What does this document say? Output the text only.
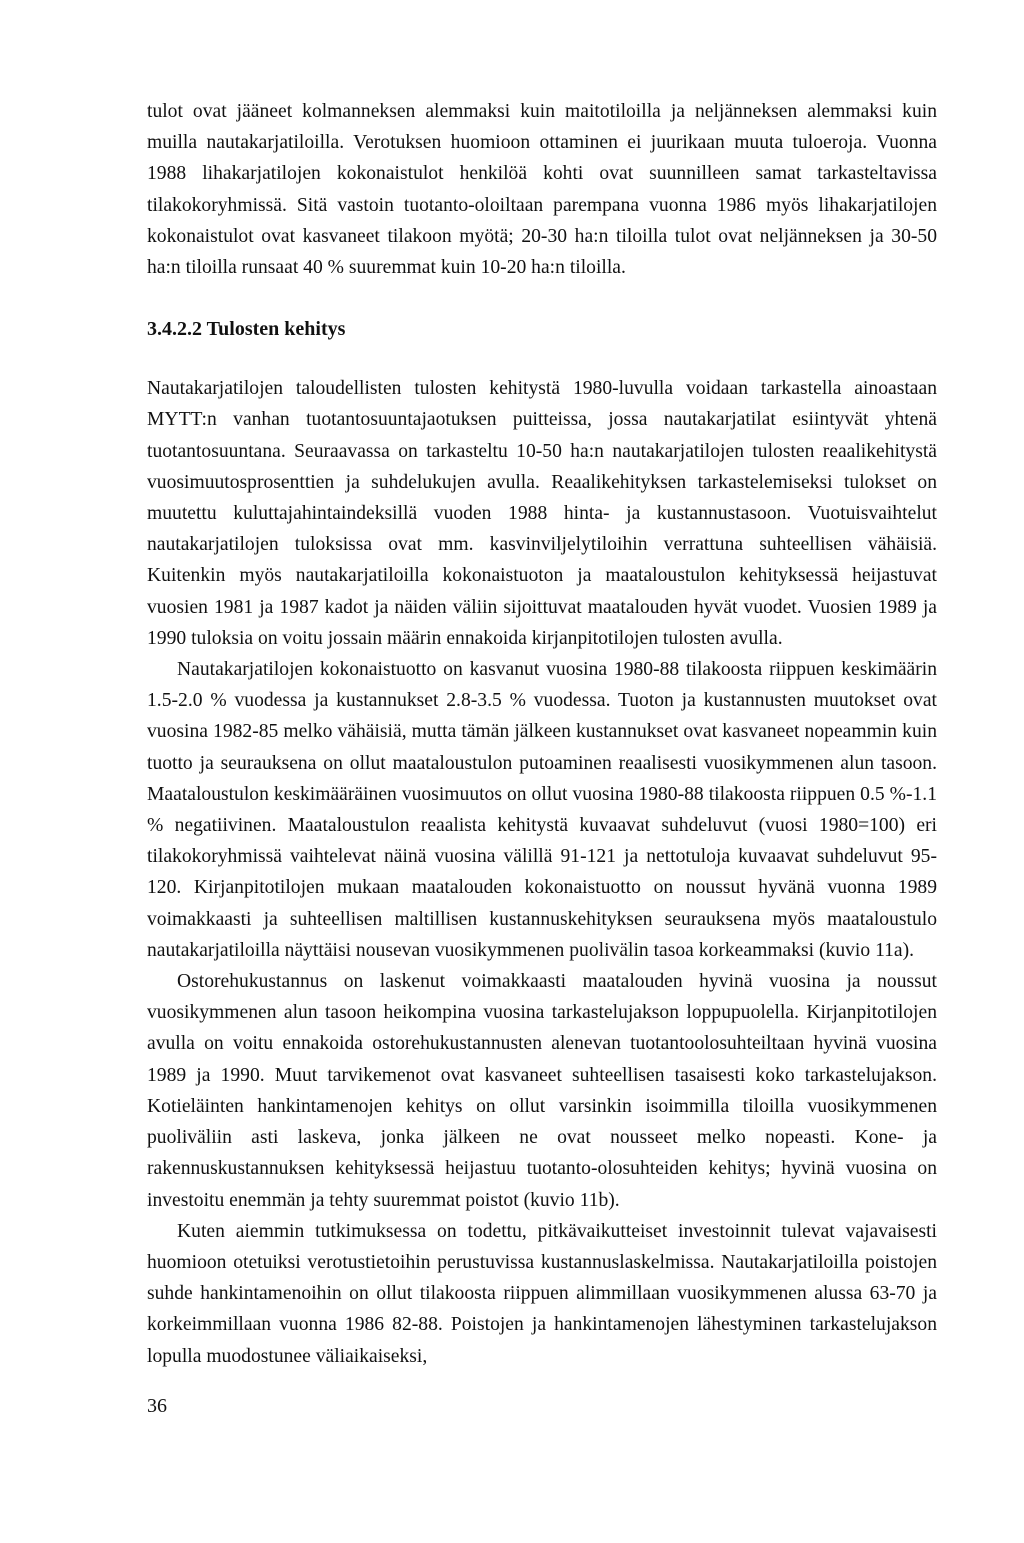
tulot ovat jääneet kolmanneksen alemmaksi kuin maitotiloilla ja neljänneksen alemmaksi kuin muilla nautakarjatiloilla. Verotuksen huomioon ottaminen ei juurikaan muuta tuloeroja. Vuonna 1988 lihakarjatilojen kokonaistulot henkilöä kohti ovat suunnilleen samat tarkasteltavissa tilakokoryhmissä. Sitä vastoin tuotanto-oloiltaan parempana vuonna 1986 myös lihakarjatilojen kokonaistulot ovat kasvaneet tilakoon myötä; 20-30 ha:n tiloilla tulot ovat neljänneksen ja 30-50 ha:n tiloilla runsaat 40 % suuremmat kuin 10-20 ha:n tiloilla.

3.4.2.2 Tulosten kehitys

Nautakarjatilojen taloudellisten tulosten kehitystä 1980-luvulla voidaan tarkastella ainoastaan MYTT:n vanhan tuotantosuuntajaotuksen puitteissa, jossa nautakarjatilat esiintyvät yhtenä tuotantosuuntana. Seuraavassa on tarkasteltu 10-50 ha:n nautakarjatilojen tulosten reaalikehitystä vuosimuutosprosenttien ja suhdelukujen avulla. Reaalikehityksen tarkastelemiseksi tulokset on muutettu kuluttajahintaindeksillä vuoden 1988 hinta- ja kustannustasoon. Vuotuisvaihtelut nautakarjatilojen tuloksissa ovat mm. kasvinviljelytiloihin verrattuna suhteellisen vähäisiä. Kuitenkin myös nautakarjatiloilla kokonaistuoton ja maataloustulon kehityksessä heijastuvat vuosien 1981 ja 1987 kadot ja näiden väliin sijoittuvat maatalouden hyvät vuodet. Vuosien 1989 ja 1990 tuloksia on voitu jossain määrin ennakoida kirjanpitotilojen tulosten avulla.

Nautakarjatilojen kokonaistuotto on kasvanut vuosina 1980-88 tilakoosta riippuen keskimäärin 1.5-2.0 % vuodessa ja kustannukset 2.8-3.5 % vuodessa. Tuoton ja kustannusten muutokset ovat vuosina 1982-85 melko vähäisiä, mutta tämän jälkeen kustannukset ovat kasvaneet nopeammin kuin tuotto ja seurauksena on ollut maataloustulon putoaminen reaalisesti vuosikymmenen alun tasoon. Maataloustulon keskimääräinen vuosimuutos on ollut vuosina 1980-88 tilakoosta riippuen 0.5 %-1.1 % negatiivinen. Maataloustulon reaalista kehitystä kuvaavat suhdeluvut (vuosi 1980=100) eri tilakokoryhmissä vaihtelevat näinä vuosina välillä 91-121 ja nettotuloja kuvaavat suhdeluvut 95-120. Kirjanpitotilojen mukaan maatalouden kokonaistuotto on noussut hyvänä vuonna 1989 voimakkaasti ja suhteellisen maltillisen kustannuskehityksen seurauksena myös maataloustulo nautakarjatiloilla näyttäisi nousevan vuosikymmenen puolivälin tasoa korkeammaksi (kuvio 11a).

Ostorehukustannus on laskenut voimakkaasti maatalouden hyvinä vuosina ja noussut vuosikymmenen alun tasoon heikompina vuosina tarkastelujakson loppupuolella. Kirjanpitotilojen avulla on voitu ennakoida ostorehukustannusten alenevan tuotantoolosuhteiltaan hyvinä vuosina 1989 ja 1990. Muut tarvikemenot ovat kasvaneet suhteellisen tasaisesti koko tarkastelujakson. Kotieläinten hankintamenojen kehitys on ollut varsinkin isoimmilla tiloilla vuosikymmenen puoliväliin asti laskeva, jonka jälkeen ne ovat nousseet melko nopeasti. Kone- ja rakennuskustannuksen kehityksessä heijastuu tuotanto-olosuhteiden kehitys; hyvinä vuosina on investoitu enemmän ja tehty suuremmat poistot (kuvio 11b).

Kuten aiemmin tutkimuksessa on todettu, pitkävaikutteiset investoinnit tulevat vajavaisesti huomioon otetuiksi verotustietoihin perustuvissa kustannuslaskelmissa. Nautakarjatiloilla poistojen suhde hankintamenoihin on ollut tilakoosta riippuen alimmillaan vuosikymmenen alussa 63-70 ja korkeimmillaan vuonna 1986 82-88. Poistojen ja hankintamenojen lähestyminen tarkastelujakson lopulla muodostunee väliaikaiseksi,

36
